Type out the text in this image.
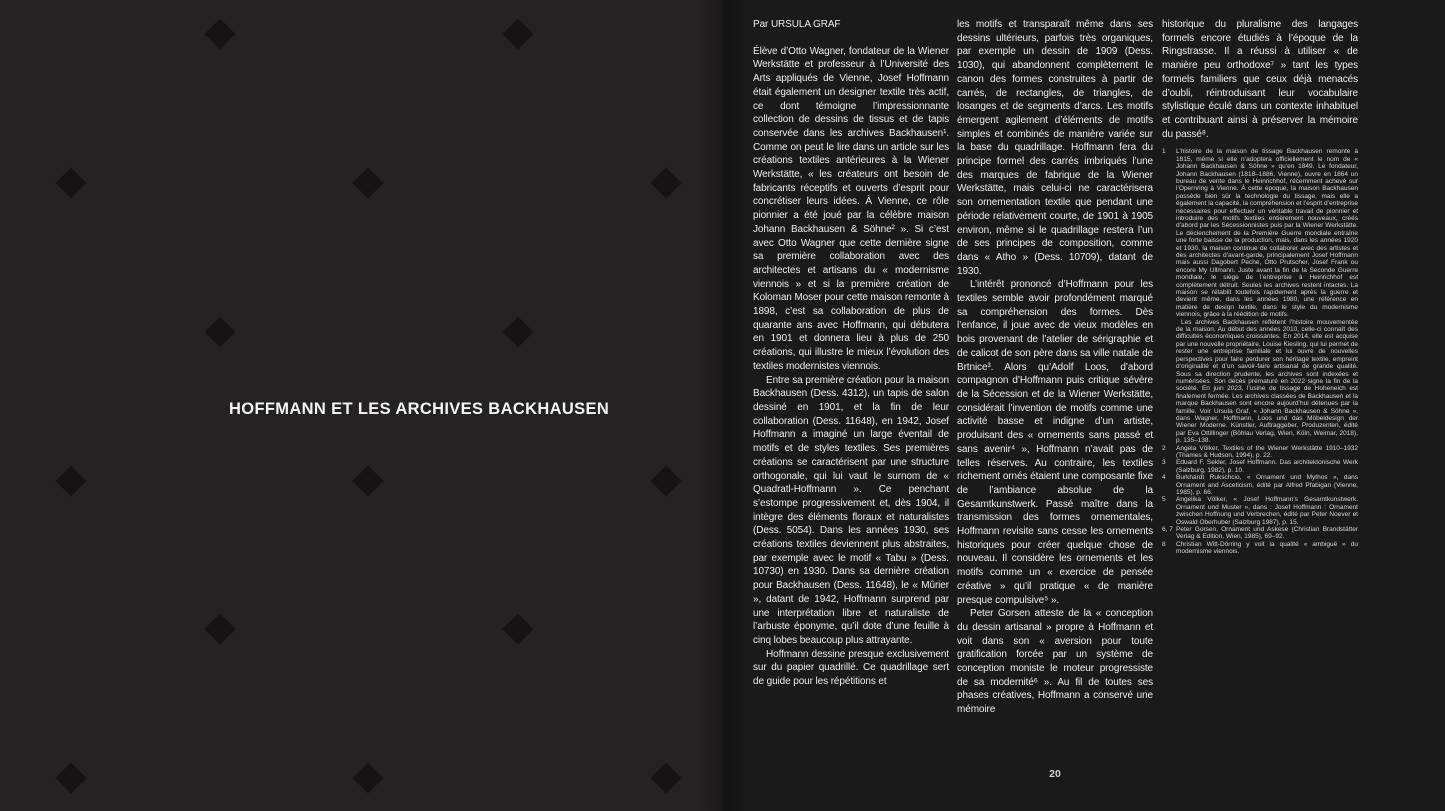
HOFFMANN ET LES ARCHIVES BACKHAUSEN
Par URSULA GRAF

Élève d’Otto Wagner, fondateur de la Wiener Werkstätte et professeur à l’Université des Arts appliqués de Vienne, Josef Hoffmann était également un designer textile très actif, ce dont témoigne l’impressionnante collection de dessins de tissus et de tapis conservée dans les archives Backhausen¹. Comme on peut le lire dans un article sur les créations textiles antérieures à la Wiener Werkstätte, « les créateurs ont besoin de fabricants réceptifs et ouverts d’esprit pour concrétiser leurs idées. À Vienne, ce rôle pionnier a été joué par la célèbre maison Johann Backhausen & Söhne² ». Si c’est avec Otto Wagner que cette dernière signe sa première collaboration avec des architectes et artisans du « modernisme viennois » et si la première création de Koloman Moser pour cette maison remonte à 1898, c’est sa collaboration de plus de quarante ans avec Hoffmann, qui débutera en 1901 et donnera lieu à plus de 250 créations, qui illustre le mieux l’évolution des textiles modernistes viennois.

Entre sa première création pour la maison Backhausen (Dess. 4312), un tapis de salon dessiné en 1901, et la fin de leur collaboration (Dess. 11648), en 1942, Josef Hoffmann a imaginé un large éventail de motifs et de styles textiles. Ses premières créations se caractérisent par une structure orthogonale, qui lui vaut le surnom de « Quadratl-Hoffmann ». Ce penchant s’estompe progressivement et, dès 1904, il intègre des éléments floraux et naturalistes (Dess. 5054). Dans les années 1930, ses créations textiles deviennent plus abstraites, par exemple avec le motif « Tabu » (Dess. 10730) en 1930. Dans sa dernière création pour Backhausen (Dess. 11648), le « Mûrier », datant de 1942, Hoffmann surprend par une interprétation libre et naturaliste de l’arbuste éponyme, qu’il dote d’une feuille à cinq lobes beaucoup plus attrayante.

Hoffmann dessine presque exclusivement sur du papier quadrillé. Ce quadrillage sert de guide pour les répétitions et

les motifs et transparaît même dans ses dessins ultérieurs, parfois très organiques, par exemple un dessin de 1909 (Dess. 1030), qui abandonnent complètement le canon des formes construites à partir de carrés, de rectangles, de triangles, de losanges et de segments d’arcs. Les motifs émergent agilement d’éléments de motifs simples et combinés de manière variée sur la base du quadrillage. Hoffmann fera du principe formel des carrés imbriqués l’une des marques de fabrique de la Wiener Werkstätte, mais celui-ci ne caractérisera son ornementation textile que pendant une période relativement courte, de 1901 à 1905 environ, même si le quadrillage restera l’un de ses principes de composition, comme dans « Atho » (Dess. 10709), datant de 1930.

L’intérêt prononcé d’Hoffmann pour les textiles semble avoir profondément marqué sa compréhension des formes. Dès l’enfance, il joue avec de vieux modèles en bois provenant de l’atelier de sérigraphie et de calicot de son père dans sa ville natale de Brtnice³. Alors qu’Adolf Loos, d’abord compagnon d’Hoffmann puis critique sévère de la Sécession et de la Wiener Werkstätte, considérait l’invention de motifs comme une activité basse et indigne d’un artiste, produisant des « ornements sans passé et sans avenir⁴ », Hoffmann n’avait pas de telles réserves. Au contraire, les textiles richement ornés étaient une composante fixe de l’ambiance absolue de la Gesamtkunstwerk. Passé maître dans la transmission des formes ornementales, Hoffmann revisite sans cesse les ornements historiques pour créer quelque chose de nouveau. Il considère les ornements et les motifs comme un « exercice de pensée créative » qu’il pratique « de manière presque compulsive⁵ ».

Peter Gorsen atteste de la « conception du dessin artisanal » propre à Hoffmann et voit dans son « aversion pour toute gratification forcée par un système de conception moniste le moteur progressiste de sa modernité⁶ ». Au fil de toutes ses phases créatives, Hoffmann a conservé une mémoire

historique du pluralisme des langages formels encore étudiés à l’époque de la Ringstrasse. Il a réussi à utiliser « de manière peu orthodoxe⁷ » tant les types formels familiers que ceux déjà menacés d’oubli, réintroduisant leur vocabulaire stylistique éculé dans un contexte inhabituel et contribuant ainsi à préserver la mémoire du passé⁸.

1	L’histoire de la maison de tissage Backhausen remonte à 1815, même si elle n’adoptera officiellement le nom de « Johann Backhausen & Söhne » qu’en 1849. Le fondateur, Johann Backhausen (1818–1886, Vienne), ouvre en 1864 un bureau de vente dans le Heinrichhof, récemment achevé sur l’Opernring à Vienne. À cette époque, la maison Backhausen possède bien sûr la technologie du tissage, mais elle a également la capacité, la compréhension et l’esprit d’entreprise nécessaires pour effectuer un véritable travail de pionnier et introduire des motifs textiles entièrement nouveaux, créés d’abord par les Sécessionnistes puis par la Wiener Werkstätte. Le déclenchement de la Première Guerre mondiale entraîne une forte baisse de la production, mais, dans les années 1920 et 1930, la maison continue de collaborer avec des artistes et des architectes d’avant-garde, principalement Josef Hoffmann mais aussi Dagobert Peche, Otto Prutscher, Josef Frank ou encore My Ullmann. Juste avant la fin de la Seconde Guerre mondiale, le siège de l’entreprise à Heinrichhof est complètement détruit. Seules les archives restent intactes. La maison se rétablit toutefois rapidement après la guerre et devient même, dans les années 1980, une référence en matière de design textile, dans le style du modernisme viennois, grâce à la réédition de motifs.
Les archives Backhausen reflètent l’histoire mouvementée de la maison. Au début des années 2010, celle-ci connaît des difficultés économiques croissantes. En 2014, elle est acquise par une nouvelle propriétaire, Louise Kiesling, qui lui permet de rester une entreprise familiale et lui ouvre de nouvelles perspectives pour faire perdurer son héritage textile, empreint d’originalité et d’un savoir-faire artisanal de grande qualité. Sous sa direction prudente, les archives sont indexées et numérisées. Son décès prématuré en 2022 signe la fin de la société. En juin 2023, l’usine de tissage de Hoheneich est finalement fermée. Les archives classées de Backhausen et la marque Backhausen sont encore aujourd’hui détenues par la famille. Voir Ursula Graf, « Johann Backhausen & Söhne », dans Wagner, Hoffmann, Loos und das Möbeldesign der Wiener Moderne. Künstler, Auftraggeber, Produzenten, édité par Eva Ottillinger (Böhlau Verlag, Wien, Köln, Weimar, 2018), p. 135–138.
2	Angela Völker, Textiles of the Wiener Werkstätte 1910–1932 (Thames & Hudson, 1994), p. 22.
3	Eduard F. Sekler, Josef Hoffmann. Das architektonische Werk (Salzburg, 1982), p. 10.
4	Burkhardt Rukschcio, « Ornament und Mythos », dans Ornament and Asceticism, édité par Alfred Pfabigan (Vienne, 1985), p. 66.
5	Angelika Völker, « Josef Hoffmann’s Gesamtkunstwerk. Ornament und Muster », dans : Josef Hoffmann : Ornament zwischen Hoffnung und Verbrechen, édité par Peter Noever et Oswald Oberhuber (Salzburg 1987), p. 15.
6, 7 Peter Gorsen, Ornament und Askese (Christian Brandstätter Verlag & Edition, Wien, 1985), 69–92.
8	Christian Witt-Dörring y voit la qualité « ambiguë » du modernisme viennois.
20
